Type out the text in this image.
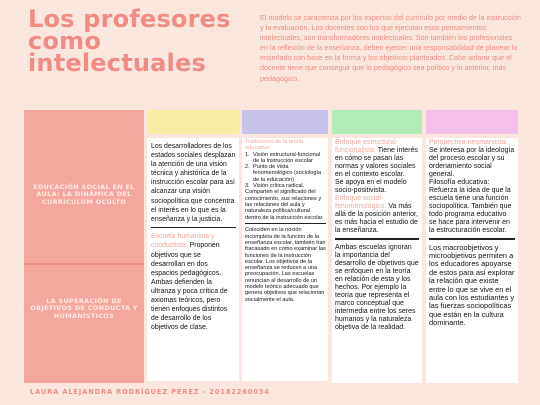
Los profesores como intelectuales
El modelo se caracteriza por los expertos del currículo por medio de la instrucción y la evaluación. Los docentes son los que ejecutan esos pensamientos intelectuales, son transformadores intelectuales. Son también los profesionales en la reflexión de la enseñanza, deben ejercer una responsabilidad de planear lo enseñado con base en la forma y los objetivos planteados. Cabe aclarar que el docente tiene que conseguir que lo pedagógico sea político y lo anterior, más pedagógico.
EDUCACIÓN SOCIAL EN EL AULA: LA DINÁMICA DEL CURRÍCULUM OCULTO
LA SUPERACIÓN DE OBJETIVOS DE CONDUCTA Y HUMANÍSTICOS
Los desarrolladores de los estados sociales desplazan la atención de una visión técnica y ahistórica de la instrucción escolar para así alcanzar una visión sociopolítica que concentra el interés en lo que es la enseñanza y la justicia.
Escuela humanista y conductista: Proponen objetivos que se desarrollan en dos espacios pedagógicos. Ambas defienden la ultranza y poca crítica de axiomas teóricos, pero tienen enfoques distintos de desarrollo de los objetivos de clase.
Tradiciones de la teoría educativa:
1. Visión estructural-funcional de la instrucción escolar
2. Punto de vista fenomenológico (sociología de la educación)
3. Visión crítica radical.
Comparten el significado del conocimiento, sus relaciones y las relaciones del aula y naturaleza política/cultural dentro de la instrucción escolar.
Coinciden en la noción incompleta de la función de la enseñanza escolar, también han fracasado en cómo examinar las funciones de la instrucción escolar. Los objetivos de la enseñanza se reducen a una preocupación. Las escuelas renuncian al desarrollo de un modelo teórico adecuado que genera objetivos que relacionan socialmente el aula.
Enfoque estructural-funcionalista: Tiene interés en cómo se pasan las normas y valores sociales en el contexto escolar.
Se apoya en el modelo socio-positivista.
Enfoque social-fenomenológico: Va más allá de la posición anterior, es más hacia el estudio de la enseñanza.
Ambas escuelas ignoran la importancia del desarrollo de objetivos que se enfoquen en la teoría en relación de esta y los hechos. Por ejemplo la teoría que representa el marco conceptual que intermedia entre los seres humanos y la naturaleza objetiva de la realidad.
Perspectiva neomarxista: Se interesa por la ideología del proceso escolar y su ordenamiento social general.
Filosofía educativa: Refuerza la idea de que la escuela tiene una función sociopolítica. También que todo programa educativo se hace para intervenir en la estructuración escolar.
Los macroobjetivos y microobjetivos permiten a los educadores apoyarse de estos para así explorar la relación que existe entre lo que se vive en el aula con los estudiantes y las fuerzas sociopolíticas que están en la cultura dominante.
LAURA ALEJANDRA RODRÍGUEZ PÉREZ - 20182260034
